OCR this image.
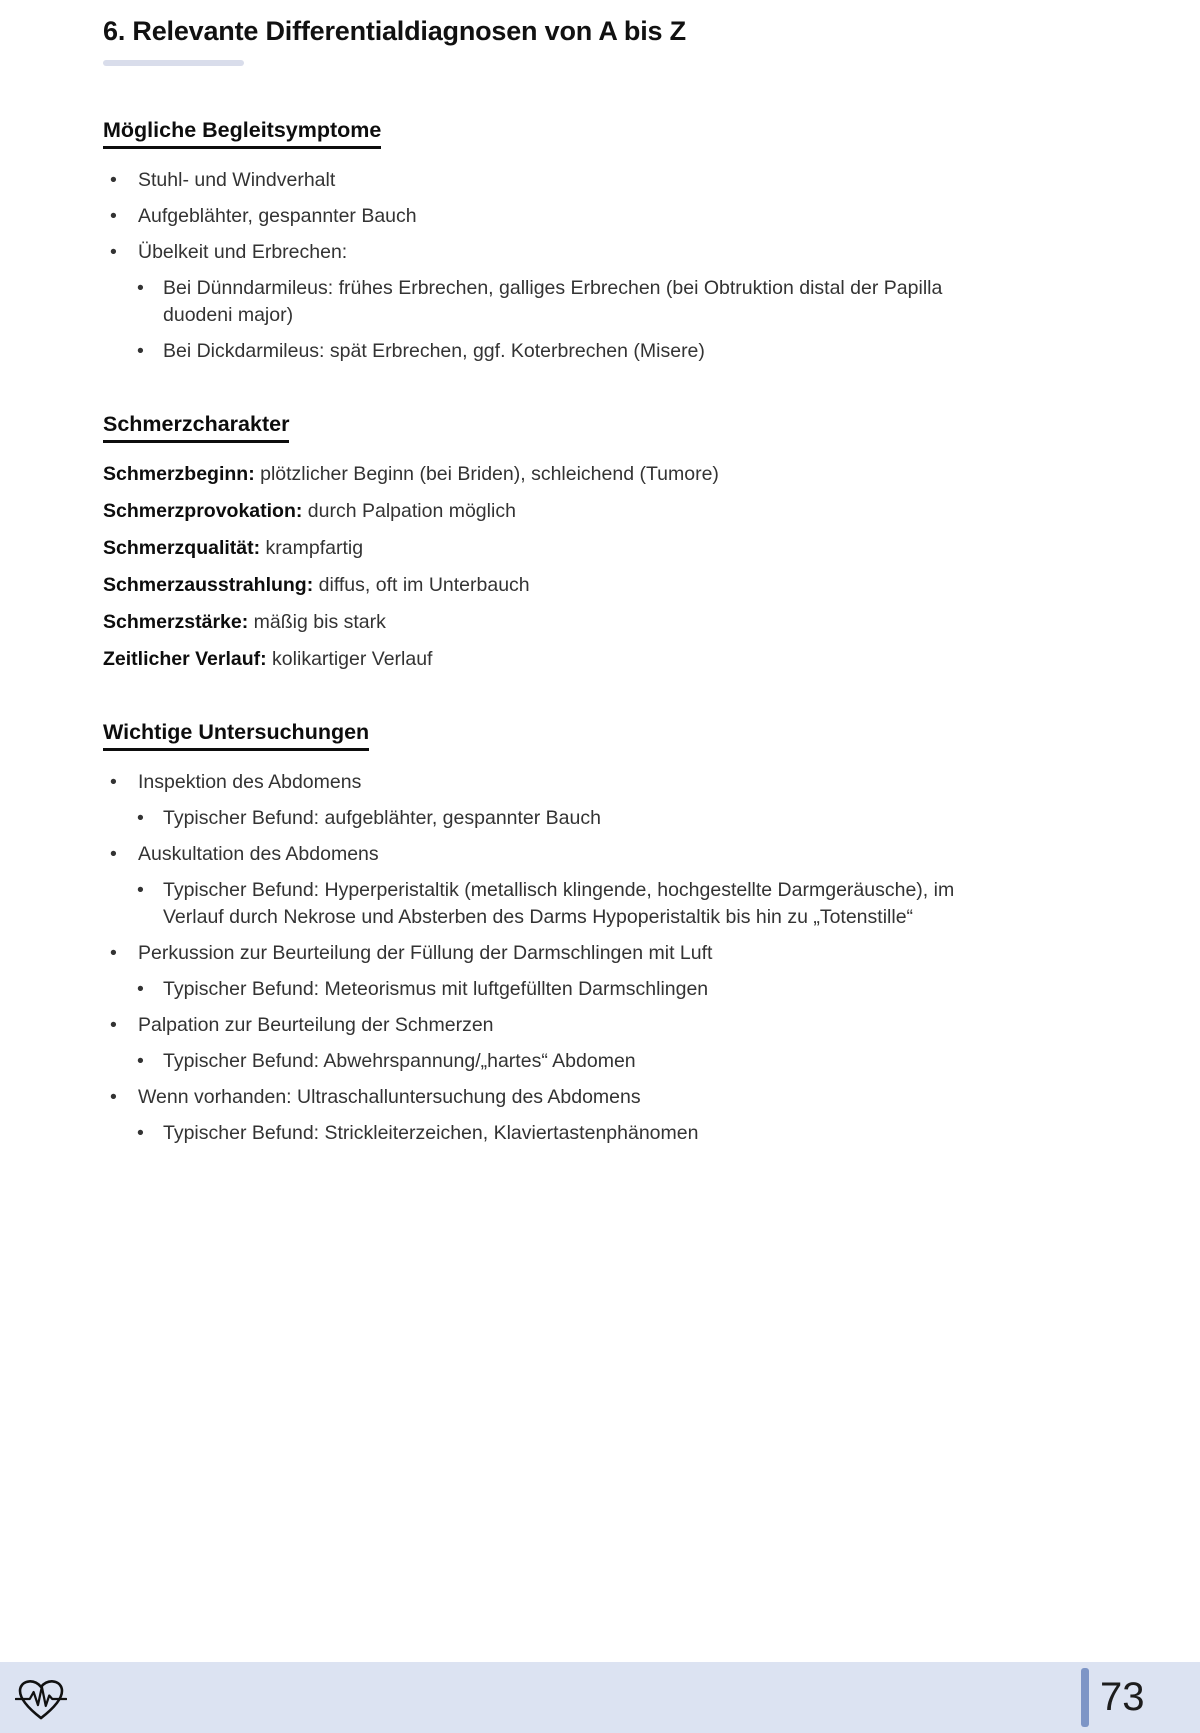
6. Relevante Differentialdiagnosen von A bis Z
Mögliche Begleitsymptome
•	Stuhl- und Windverhalt
•	Aufgeblähter, gespannter Bauch
•	Übelkeit und Erbrechen:
• Bei Dünndarmileus: frühes Erbrechen, galliges Erbrechen (bei Obtruktion distal der Papilla duodeni major)
• Bei Dickdarmileus: spät Erbrechen, ggf. Koterbrechen (Misere)
Schmerzcharakter
Schmerzbeginn: plötzlicher Beginn (bei Briden), schleichend (Tumore)
Schmerzprovokation: durch Palpation möglich
Schmerzqualität: krampfartig
Schmerzausstrahlung: diffus, oft im Unterbauch
Schmerzstärke: mäßig bis stark
Zeitlicher Verlauf: kolikartiger Verlauf
Wichtige Untersuchungen
•	Inspektion des Abdomens
• Typischer Befund: aufgeblähter, gespannter Bauch
•	Auskultation des Abdomens
• Typischer Befund: Hyperperistaltik (metallisch klingende, hochgestellte Darmgeräusche), im Verlauf durch Nekrose und Absterben des Darms Hypoperistaltik bis hin zu „Totenstille“
•	Perkussion zur Beurteilung der Füllung der Darmschlingen mit Luft
• Typischer Befund: Meteorismus mit luftgefüllten Darmschlingen
•	Palpation zur Beurteilung der Schmerzen
• Typischer Befund: Abwehrspannung/„hartes“ Abdomen
•	Wenn vorhanden: Ultraschalluntersuchung des Abdomens
• Typischer Befund: Strickleiterzeichen, Klaviertastenphänomen
73
